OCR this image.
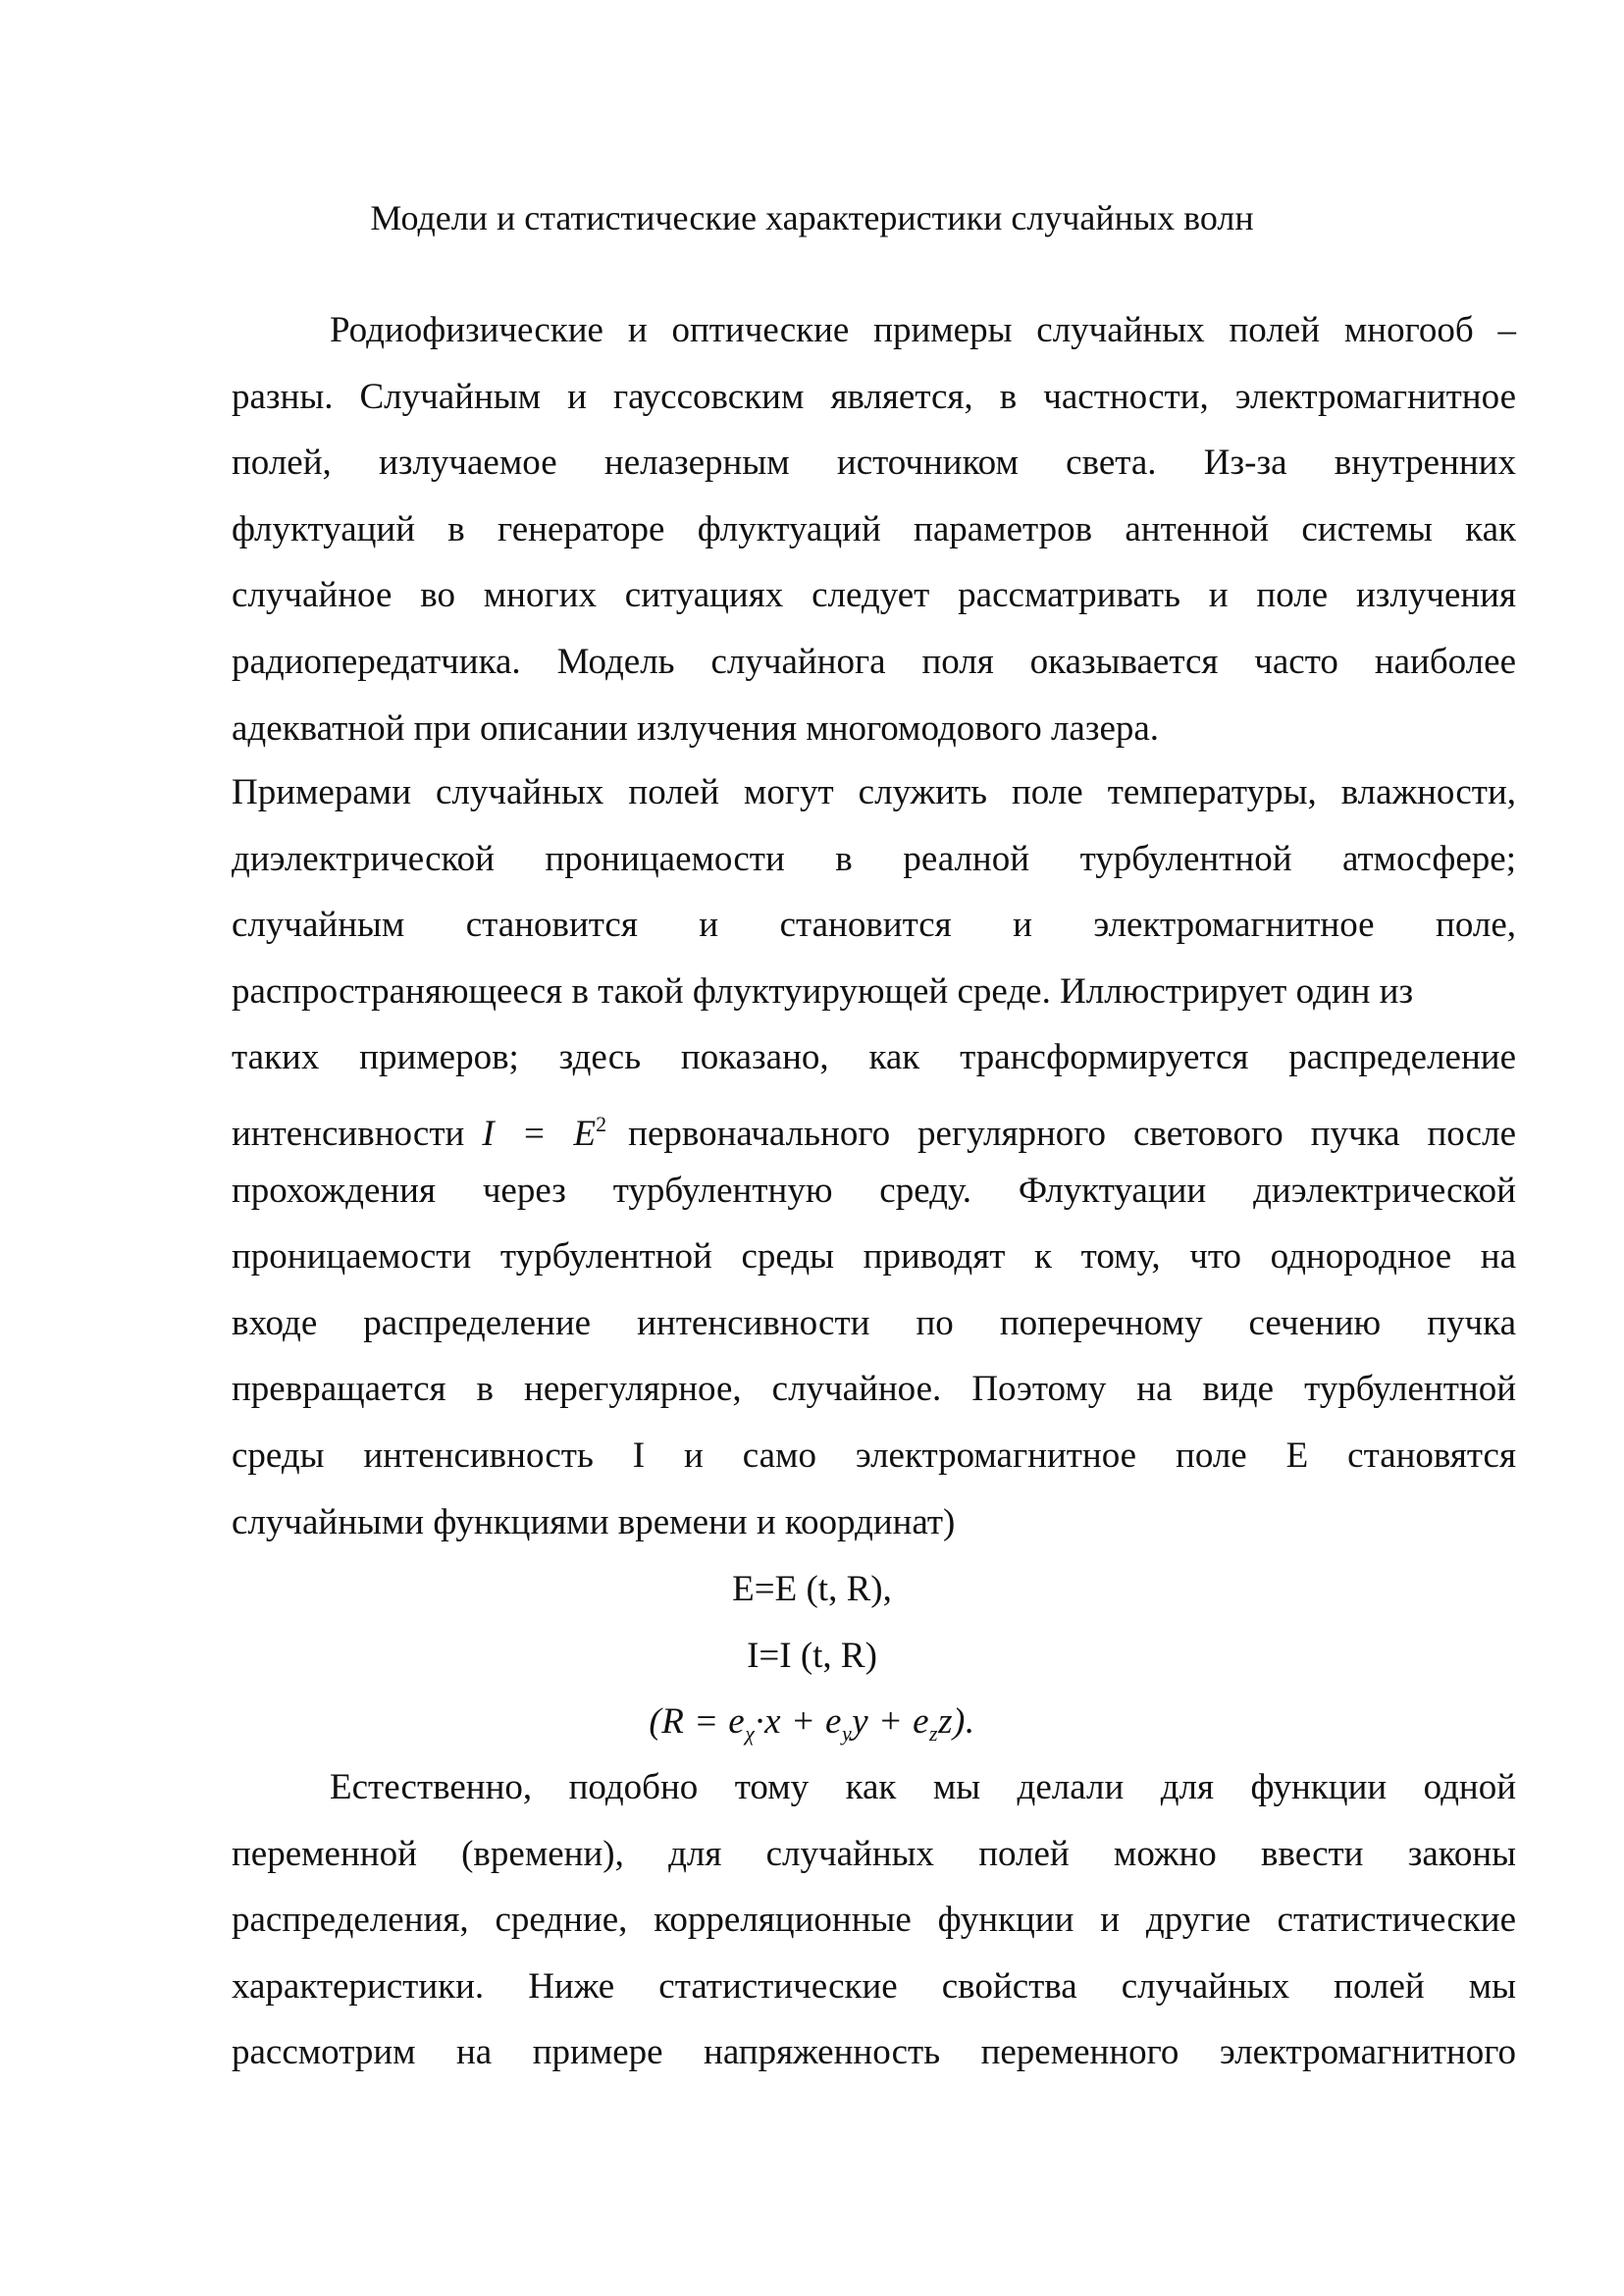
Модели и статистические характеристики случайных волн
Родиофизические и оптические примеры случайных полей многооб –
разны. Случайным и гауссовским является, в частности, электромагнитное
полей, излучаемое нелазерным источником света. Из-за внутренних
флуктуаций в генераторе флуктуаций параметров антенной системы как
случайное во многих ситуациях следует рассматривать и поле излучения
радиопередатчика. Модель случайнога поля оказывается часто наиболее
адекватной при описании излучения многомодового лазера.
Примерами случайных полей могут служить поле температуры, влажности,
диэлектрической проницаемости в реалной турбулентной атмосфере;
случайным становится и становится и электромагнитное поле,
распространяющееся в такой флуктуирующей среде. Иллюстрирует один из
таких примеров; здесь показано, как трансформируется распределение
интенсивности $I = E^2$ первоначального регулярного светового пучка после
прохождения через турбулентную среду. Флуктуации диэлектрической
проницаемости турбулентной среды приводят к тому, что однородное на
входе распределение интенсивности по поперечному сечению пучка
превращается в нерегулярное, случайное. Поэтому на виде турбулентной
среды интенсивность I и само электромагнитное поле E становятся
случайными функциями времени и координат)
E=E (t, R),
I=I (t, R)
$(R = e_\chi\cdot x + e_yy + e_zz)$.
Естественно, подобно тому как мы делали для функции одной
переменной (времени), для случайных полей можно ввести законы
распределения, средние, корреляционные функции и другие статистические
характеристики. Ниже статистические свойства случайных полей мы
рассмотрим на примере напряженность переменного электромагнитного
